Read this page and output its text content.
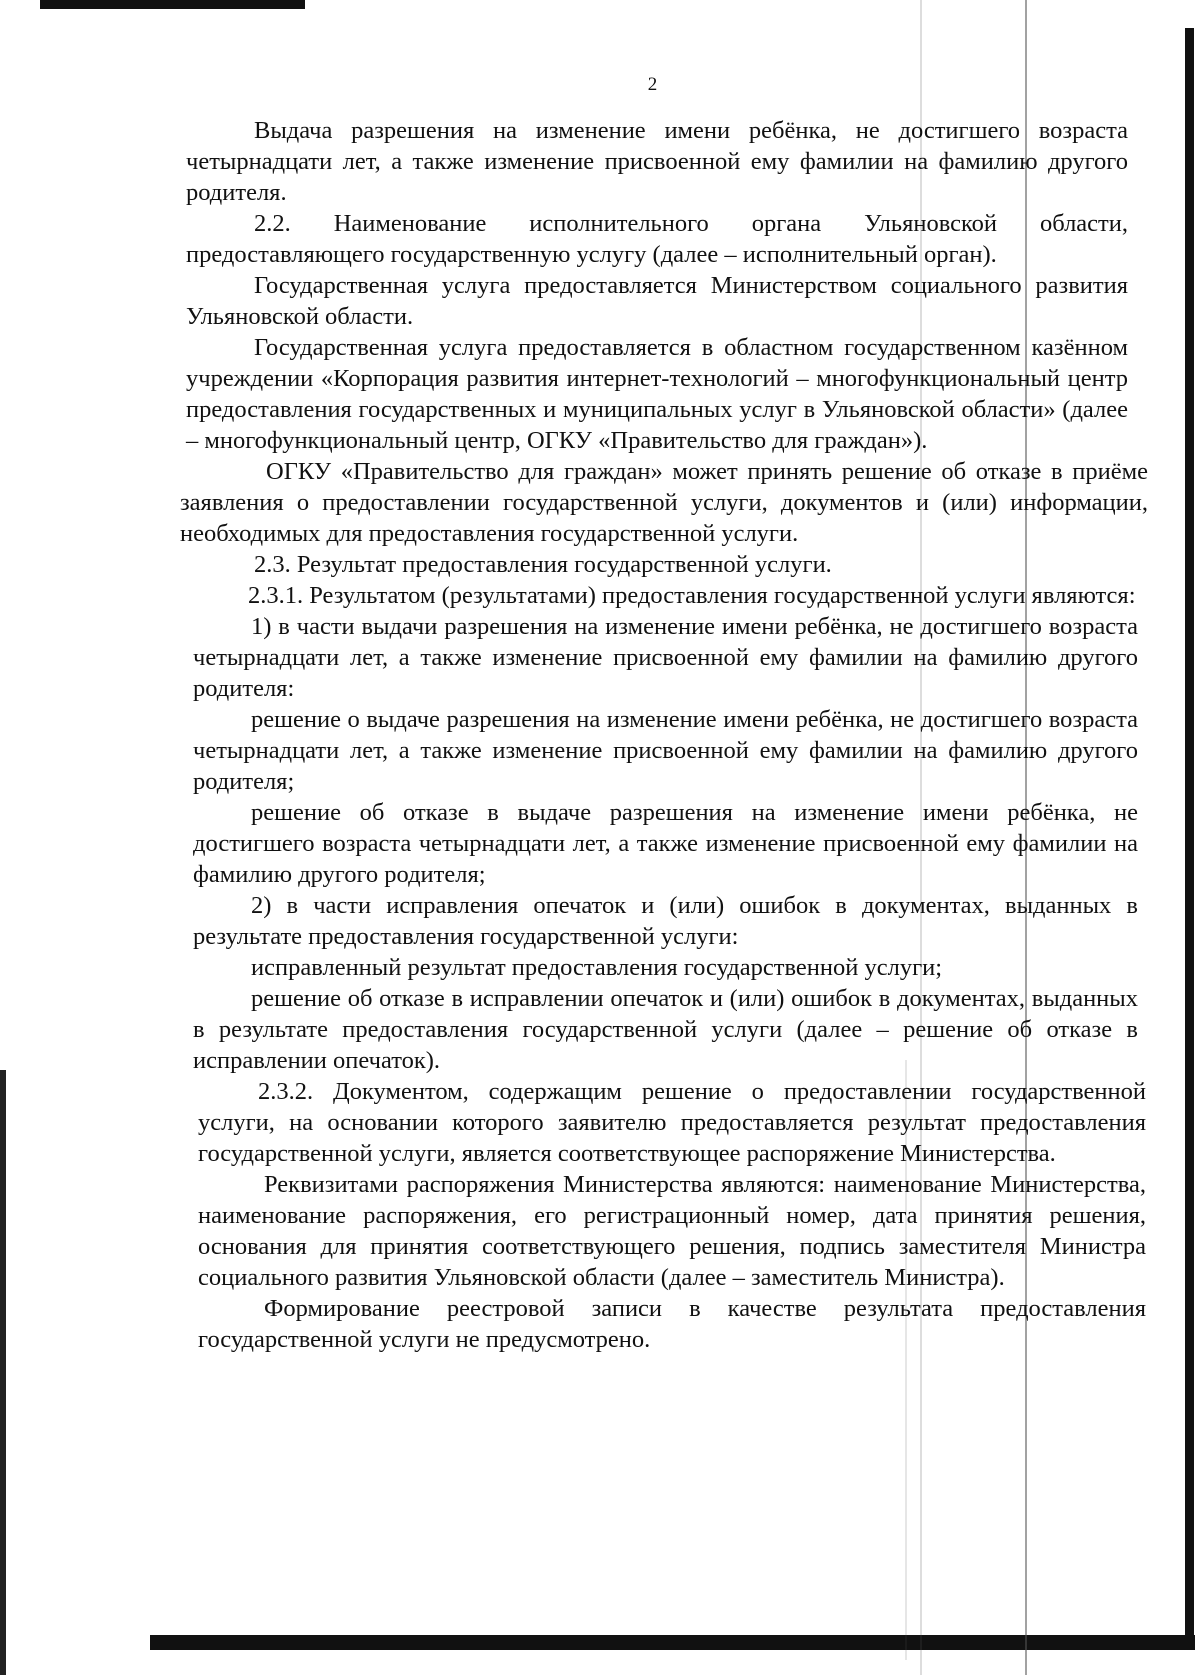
2

Выдача разрешения на изменение имени ребёнка, не достигшего возраста четырнадцати лет, а также изменение присвоенной ему фамилии на фамилию другого родителя.

2.2. Наименование исполнительного органа Ульяновской области, предоставляющего государственную услугу (далее – исполнительный орган).

Государственная услуга предоставляется Министерством социального развития Ульяновской области.

Государственная услуга предоставляется в областном государственном казённом учреждении «Корпорация развития интернет-технологий – многофункциональный центр предоставления государственных и муниципальных услуг в Ульяновской области» (далее – многофункциональный центр, ОГКУ «Правительство для граждан»).

ОГКУ «Правительство для граждан» может принять решение об отказе в приёме заявления о предоставлении государственной услуги, документов и (или) информации, необходимых для предоставления государственной услуги.

2.3. Результат предоставления государственной услуги.

2.3.1. Результатом (результатами) предоставления государственной услуги являются:

1) в части выдачи разрешения на изменение имени ребёнка, не достигшего возраста четырнадцати лет, а также изменение присвоенной ему фамилии на фамилию другого родителя:

решение о выдаче разрешения на изменение имени ребёнка, не достигшего возраста четырнадцати лет, а также изменение присвоенной ему фамилии на фамилию другого родителя;

решение об отказе в выдаче разрешения на изменение имени ребёнка, не достигшего возраста четырнадцати лет, а также изменение присвоенной ему фамилии на фамилию другого родителя;

2) в части исправления опечаток и (или) ошибок в документах, выданных в результате предоставления государственной услуги:

исправленный результат предоставления государственной услуги;

решение об отказе в исправлении опечаток и (или) ошибок в документах, выданных в результате предоставления государственной услуги (далее – решение об отказе в исправлении опечаток).

2.3.2. Документом, содержащим решение о предоставлении государственной услуги, на основании которого заявителю предоставляется результат предоставления государственной услуги, является соответствующее распоряжение Министерства.

Реквизитами распоряжения Министерства являются: наименование Министерства, наименование распоряжения, его регистрационный номер, дата принятия решения, основания для принятия соответствующего решения, подпись заместителя Министра социального развития Ульяновской области (далее – заместитель Министра).

Формирование реестровой записи в качестве результата предоставления государственной услуги не предусмотрено.
